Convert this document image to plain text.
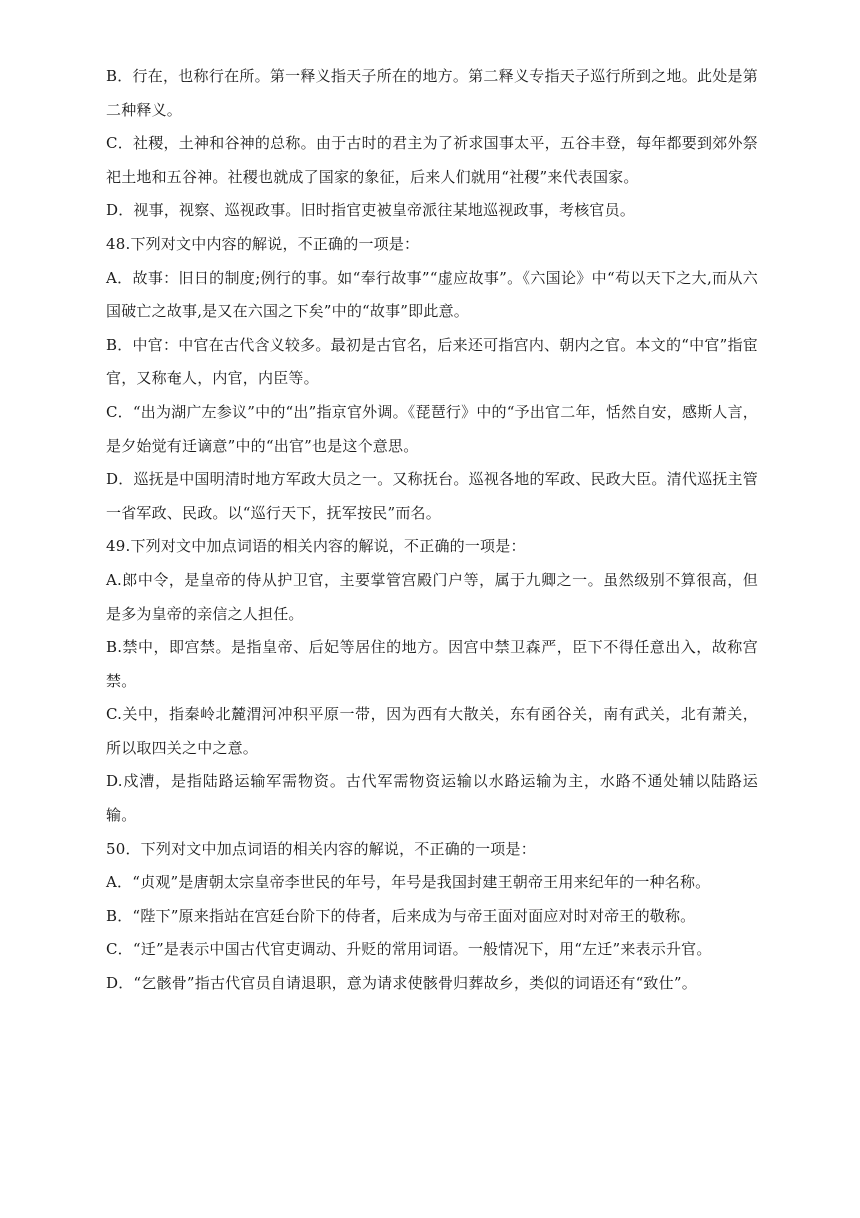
B．行在，也称行在所。第一释义指天子所在的地方。第二释义专指天子巡行所到之地。此处是第二种释义。

C．社稷，土神和谷神的总称。由于古时的君主为了祈求国事太平，五谷丰登，每年都要到郊外祭祀土地和五谷神。社稷也就成了国家的象征，后来人们就用“社稷”来代表国家。

D．视事，视察、巡视政事。旧时指官吏被皇帝派往某地巡视政事，考核官员。

48.下列对文中内容的解说，不正确的一项是：

A．故事：旧日的制度;例行的事。如“奉行故事”“虚应故事”。《六国论》中“苟以天下之大,而从六国破亡之故事,是又在六国之下矣”中的“故事”即此意。

B．中官：中官在古代含义较多。最初是古官名，后来还可指宫内、朝内之官。本文的“中官”指宦官，又称奄人，内官，内臣等。

C．“出为湖广左参议”中的“出”指京官外调。《琵琶行》中的“予出官二年，恬然自安，感斯人言，是夕始觉有迁谪意”中的“出官”也是这个意思。

D．巡抚是中国明清时地方军政大员之一。又称抚台。巡视各地的军政、民政大臣。清代巡抚主管一省军政、民政。以“巡行天下，抚军按民”而名。

49.下列对文中加点词语的相关内容的解说，不正确的一项是：

A.郎中令，是皇帝的侍从护卫官，主要掌管宫殿门户等，属于九卿之一。虽然级别不算很高，但是多为皇帝的亲信之人担任。

B.禁中，即宫禁。是指皇帝、后妃等居住的地方。因宫中禁卫森严，臣下不得任意出入，故称宫禁。

C.关中，指秦岭北麓渭河冲积平原一带，因为西有大散关，东有函谷关，南有武关，北有萧关，所以取四关之中之意。

D.戍漕，是指陆路运输军需物资。古代军需物资运输以水路运输为主，水路不通处辅以陆路运输。

50．下列对文中加点词语的相关内容的解说，不正确的一项是：

A．“贞观”是唐朝太宗皇帝李世民的年号，年号是我国封建王朝帝王用来纪年的一种名称。

B．“陛下”原来指站在宫廷台阶下的侍者，后来成为与帝王面对面应对时对帝王的敬称。

C．“迁”是表示中国古代官吏调动、升贬的常用词语。一般情况下，用“左迁”来表示升官。

D．“乞骸骨”指古代官员自请退职，意为请求使骸骨归葬故乡，类似的词语还有“致仕”。
